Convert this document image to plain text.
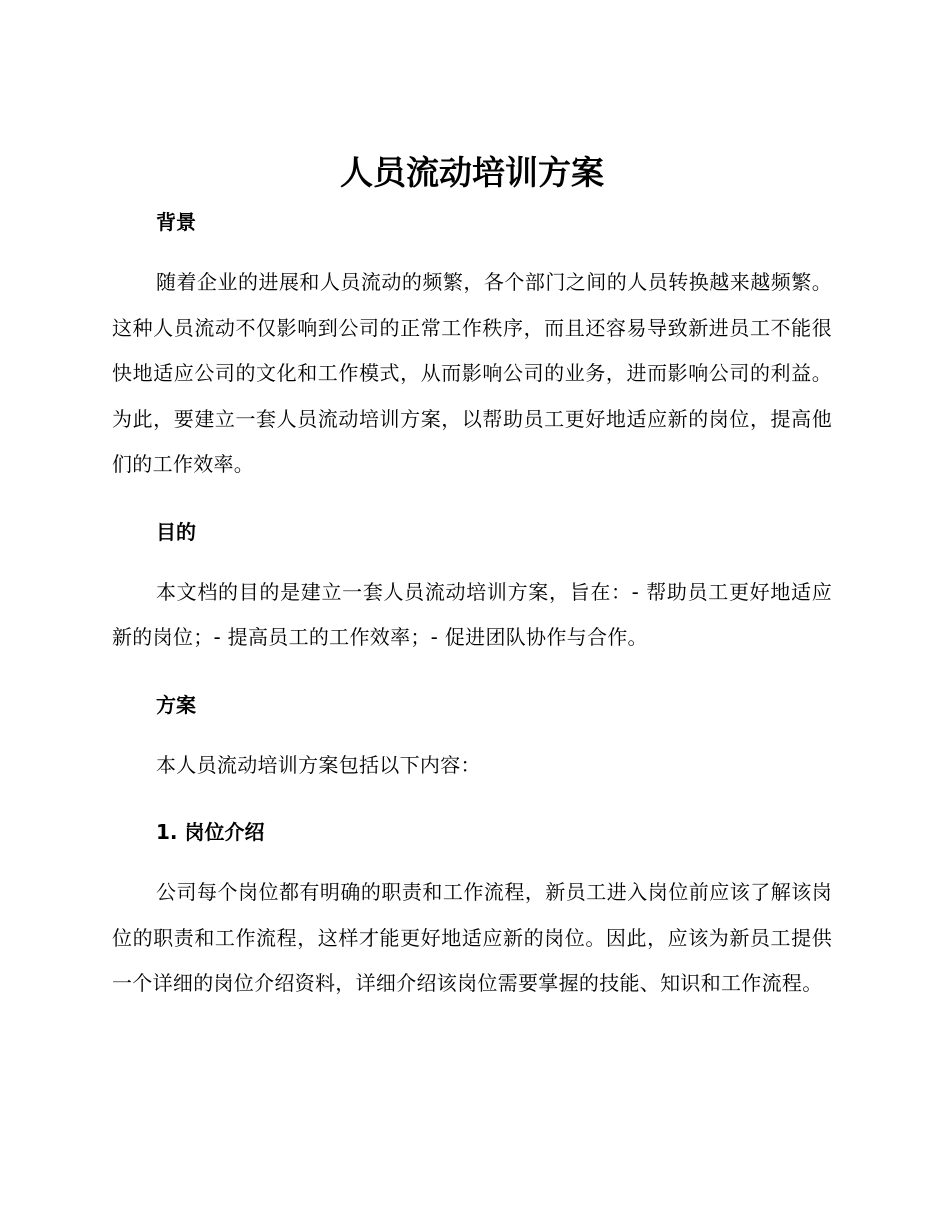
人员流动培训方案
背景

随着企业的进展和人员流动的频繁，各个部门之间的人员转换越来越频繁。这种人员流动不仅影响到公司的正常工作秩序，而且还容易导致新进员工不能很快地适应公司的文化和工作模式，从而影响公司的业务，进而影响公司的利益。为此，要建立一套人员流动培训方案，以帮助员工更好地适应新的岗位，提高他们的工作效率。

目的

本文档的目的是建立一套人员流动培训方案，旨在：- 帮助员工更好地适应新的岗位；- 提高员工的工作效率；- 促进团队协作与合作。

方案

本人员流动培训方案包括以下内容：

1. 岗位介绍

公司每个岗位都有明确的职责和工作流程，新员工进入岗位前应该了解该岗位的职责和工作流程，这样才能更好地适应新的岗位。因此，应该为新员工提供一个详细的岗位介绍资料，详细介绍该岗位需要掌握的技能、知识和工作流程。
